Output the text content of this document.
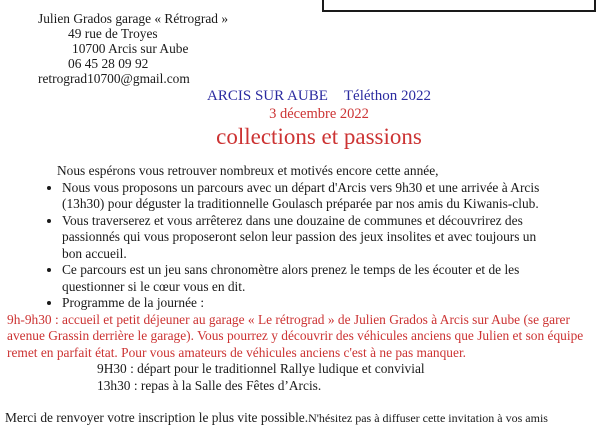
Julien Grados garage « Rétrograd »
49 rue de Troyes
10700 Arcis sur Aube
06 45 28 09 92
retrograd10700@gmail.com
ARCIS SUR AUBE Téléthon 2022
3 décembre 2022
collections et passions
Nous espérons vous retrouver nombreux et motivés encore cette année,
• Nous vous proposons un parcours avec un départ d'Arcis vers 9h30 et une arrivée à Arcis (13h30) pour déguster la traditionnelle Goulasch préparée par nos amis du Kiwanis-club.
• Vous traverserez et vous arrêterez dans une douzaine de communes et découvrirez des passionnés qui vous proposeront selon leur passion des jeux insolites et avec toujours un bon accueil.
• Ce parcours est un jeu sans chronomètre alors prenez le temps de les écouter et de les questionner si le cœur vous en dit.
• Programme de la journée :
9h-9h30 : accueil et petit déjeuner au garage « Le rétrograd » de Julien Grados à Arcis sur Aube (se garer avenue Grassin derrière le garage). Vous pourrez y découvrir des véhicules anciens que Julien et son équipe remet en parfait état. Pour vous amateurs de véhicules anciens c'est à ne pas manquer.
9H30 : départ pour le traditionnel Rallye ludique et convivial
13h30 : repas à la Salle des Fêtes d’Arcis.
Merci de renvoyer votre inscription le plus vite possible.N'hésitez pas à diffuser cette invitation à vos amis
